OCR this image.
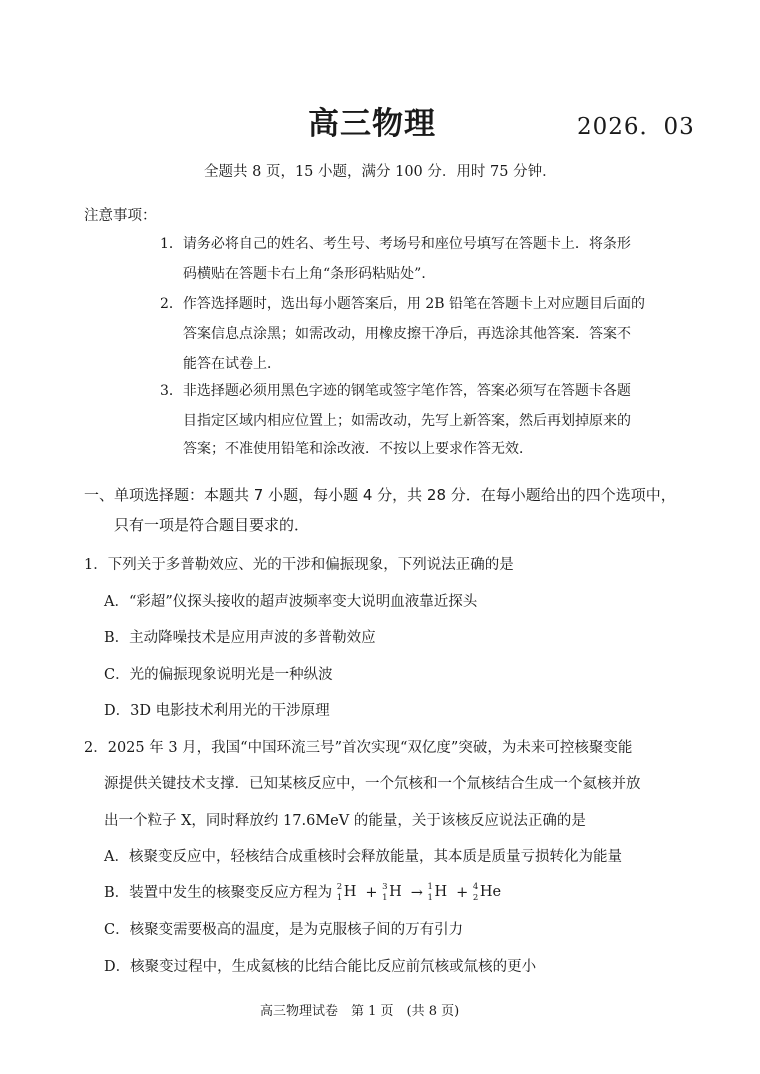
高三物理	2026．03
全题共 8 页，15 小题，满分 100 分．用时 75 分钟．
注意事项：
1．请务必将自己的姓名、考生号、考场号和座位号填写在答题卡上．将条形
码横贴在答题卡右上角“条形码粘贴处”．
2．作答选择题时，选出每小题答案后，用 2B 铅笔在答题卡上对应题目后面的
答案信息点涂黑；如需改动，用橡皮擦干净后，再选涂其他答案．答案不
能答在试卷上．
3．非选择题必须用黑色字迹的钢笔或签字笔作答，答案必须写在答题卡各题
目指定区域内相应位置上；如需改动，先写上新答案，然后再划掉原来的
答案；不准使用铅笔和涂改液．不按以上要求作答无效．
一、单项选择题：本题共 7 小题，每小题 4 分，共 28 分．在每小题给出的四个选项中，
只有一项是符合题目要求的．
1．下列关于多普勒效应、光的干涉和偏振现象，下列说法正确的是
A．“彩超”仪探头接收的超声波频率变大说明血液靠近探头
B．主动降噪技术是应用声波的多普勒效应
C．光的偏振现象说明光是一种纵波
D．3D 电影技术利用光的干涉原理
2．2025 年 3 月，我国“中国环流三号”首次实现“双亿度”突破，为未来可控核聚变能
源提供关键技术支撑．已知某核反应中，一个氘核和一个氚核结合生成一个氦核并放
出一个粒子 X，同时释放约 17.6MeV 的能量，关于该核反应说法正确的是
A．核聚变反应中，轻核结合成重核时会释放能量，其本质是质量亏损转化为能量
B．装置中发生的核聚变反应方程为 2
1 H + 3
1 H → 1
1 H + 4
2 He
C．核聚变需要极高的温度，是为克服核子间的万有引力
D．核聚变过程中，生成氦核的比结合能比反应前氘核或氚核的更小
高三物理试卷　第 1 页　(共 8 页)
